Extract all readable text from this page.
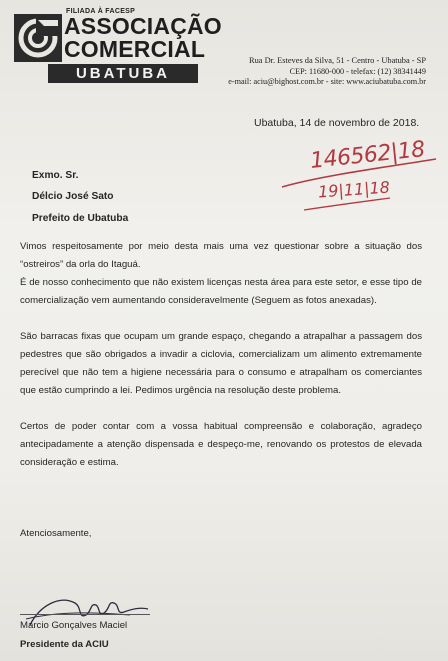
FILIADA À FACESP
ASSOCIAÇÃO
COMERCIAL
UBATUBA
Rua Dr. Esteves da Silva, 51 - Centro - Ubatuba - SP
CEP: 11680-000 - telefax: (12) 38341449
e-mail: aciu@bighost.com.br - site: www.aciubatuba.com.br
Ubatuba, 14 de novembro de 2018.
146562|18
19|11|18
Exmo. Sr.
Délcio José Sato
Prefeito de Ubatuba
Vimos respeitosamente por meio desta mais uma vez questionar sobre a situação dos “ostreiros” da orla do Itaguá.
É de nosso conhecimento que não existem licenças nesta área para este setor, e esse tipo de comercialização vem aumentando consideravelmente (Seguem as fotos anexadas).
São barracas fixas que ocupam um grande espaço, chegando a atrapalhar a passagem dos pedestres que são obrigados a invadir a ciclovia, comercializam um alimento extremamente perecível que não tem a higiene necessária para o consumo e atrapalham os comerciantes que estão cumprindo a lei. Pedimos urgência na resolução deste problema.
Certos de poder contar com a vossa habitual compreensão e colaboração, agradeço antecipadamente a atenção dispensada e despeço-me, renovando os protestos de elevada consideração e estima.
Atenciosamente,
Marcio Gonçalves Maciel
Presidente da ACIU
